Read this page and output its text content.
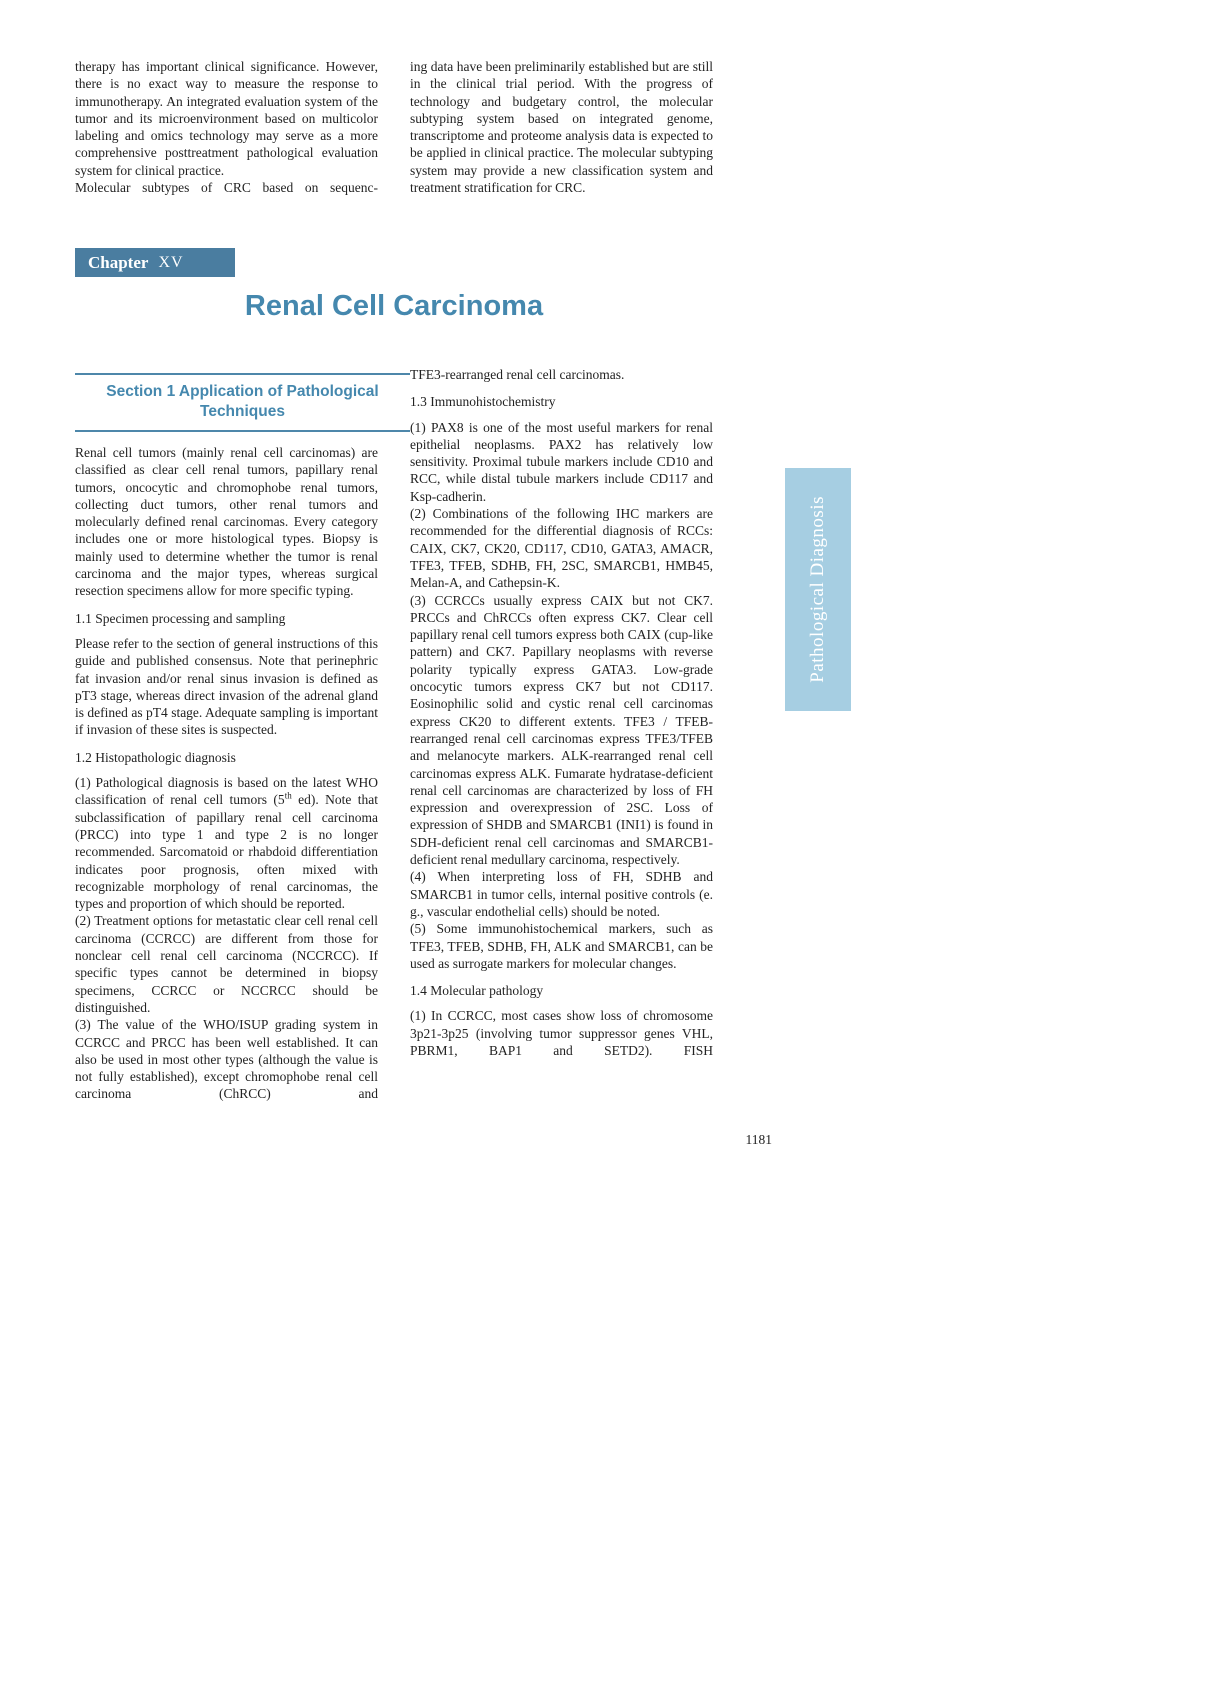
therapy has important clinical significance. However, there is no exact way to measure the response to immunotherapy. An integrated evaluation system of the tumor and its microenvironment based on multicolor labeling and omics technology may serve as a more comprehensive posttreatment pathological evaluation system for clinical practice.

Molecular subtypes of CRC based on sequenc-

ing data have been preliminarily established but are still in the clinical trial period. With the progress of technology and budgetary control, the molecular subtyping system based on integrated genome, transcriptome and proteome analysis data is expected to be applied in clinical practice. The molecular subtyping system may provide a new classification system and treatment stratification for CRC.

Chapter XV
Renal Cell Carcinoma
Section 1 Application of Pathological Techniques

Renal cell tumors (mainly renal cell carcinomas) are classified as clear cell renal tumors, papillary renal tumors, oncocytic and chromophobe renal tumors, collecting duct tumors, other renal tumors and molecularly defined renal carcinomas. Every category includes one or more histological types. Biopsy is mainly used to determine whether the tumor is renal carcinoma and the major types, whereas surgical resection specimens allow for more specific typing.

1.1 Specimen processing and sampling

Please refer to the section of general instructions of this guide and published consensus. Note that perinephric fat invasion and/or renal sinus invasion is defined as pT3 stage, whereas direct invasion of the adrenal gland is defined as pT4 stage. Adequate sampling is important if invasion of these sites is suspected.

1.2 Histopathologic diagnosis

(1) Pathological diagnosis is based on the latest WHO classification of renal cell tumors (5th ed). Note that subclassification of papillary renal cell carcinoma (PRCC) into type 1 and type 2 is no longer recommended. Sarcomatoid or rhabdoid differentiation indicates poor prognosis, often mixed with recognizable morphology of renal carcinomas, the types and proportion of which should be reported.

(2) Treatment options for metastatic clear cell renal cell carcinoma (CCRCC) are different from those for nonclear cell renal cell carcinoma (NCCRCC). If specific types cannot be determined in biopsy specimens, CCRCC or NCCRCC should be distinguished.

(3) The value of the WHO/ISUP grading system in CCRCC and PRCC has been well established. It can also be used in most other types (although the value is not fully established), except chromophobe renal cell carcinoma (ChRCC) and

TFE3-rearranged renal cell carcinomas.

1.3 Immunohistochemistry

(1) PAX8 is one of the most useful markers for renal epithelial neoplasms. PAX2 has relatively low sensitivity. Proximal tubule markers include CD10 and RCC, while distal tubule markers include CD117 and Ksp-cadherin.

(2) Combinations of the following IHC markers are recommended for the differential diagnosis of RCCs: CAIX, CK7, CK20, CD117, CD10, GATA3, AMACR, TFE3, TFEB, SDHB, FH, 2SC, SMARCB1, HMB45, Melan-A, and Cathepsin-K.

(3) CCRCCs usually express CAIX but not CK7. PRCCs and ChRCCs often express CK7. Clear cell papillary renal cell tumors express both CAIX (cup-like pattern) and CK7. Papillary neoplasms with reverse polarity typically express GATA3. Low-grade oncocytic tumors express CK7 but not CD117. Eosinophilic solid and cystic renal cell carcinomas express CK20 to different extents. TFE3 / TFEB-rearranged renal cell carcinomas express TFE3/TFEB and melanocyte markers. ALK-rearranged renal cell carcinomas express ALK. Fumarate hydratase-deficient renal cell carcinomas are characterized by loss of FH expression and overexpression of 2SC. Loss of expression of SHDB and SMARCB1 (INI1) is found in SDH-deficient renal cell carcinomas and SMARCB1-deficient renal medullary carcinoma, respectively.

(4) When interpreting loss of FH, SDHB and SMARCB1 in tumor cells, internal positive controls (e. g., vascular endothelial cells) should be noted.

(5) Some immunohistochemical markers, such as TFE3, TFEB, SDHB, FH, ALK and SMARCB1, can be used as surrogate markers for molecular changes.

1.4 Molecular pathology

(1) In CCRCC, most cases show loss of chromosome 3p21-3p25 (involving tumor suppressor genes VHL, PBRM1, BAP1 and SETD2). FISH

Pathological Diagnosis
1181
